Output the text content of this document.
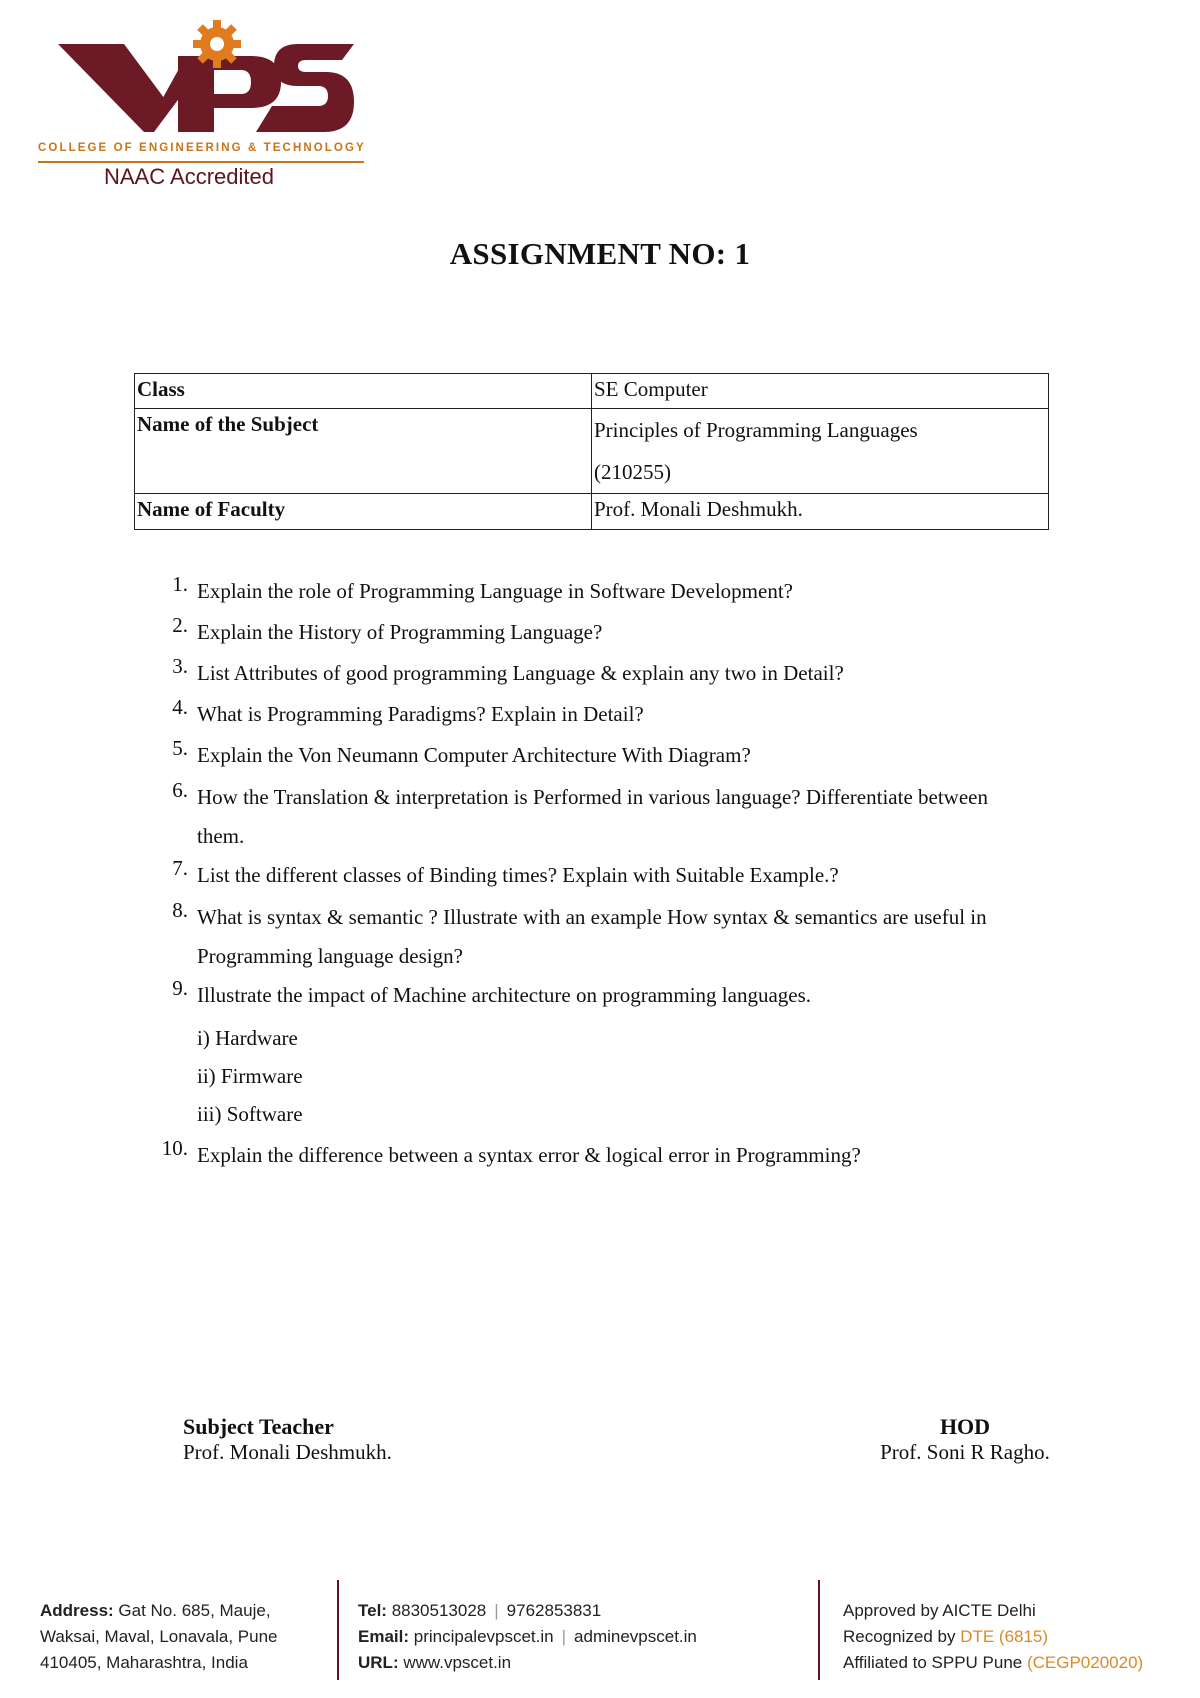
COLLEGE OF ENGINEERING & TECHNOLOGY
NAAC Accredited
ASSIGNMENT NO: 1
Class	SE Computer
Name of the Subject	Principles of Programming Languages
(210255)

Name of Faculty	Prof. Monali Deshmukh.
1. Explain the role of Programming Language in Software Development?
2. Explain the History of Programming Language?
3. List Attributes of good programming Language & explain any two in Detail?
4. What is Programming Paradigms? Explain in Detail?
5. Explain the Von Neumann Computer Architecture With Diagram?
6. How the Translation & interpretation is Performed in various language? Differentiate between
them.
7. List the different classes of Binding times? Explain with Suitable Example.?
8. What is syntax & semantic ? Illustrate with an example How syntax & semantics are useful in
Programming language design?
9. Illustrate the impact of Machine architecture on programming languages.
i) Hardware
ii) Firmware
iii) Software
10. Explain the difference between a syntax error & logical error in Programming?
Subject Teacher
Prof. Monali Deshmukh.
HOD
Prof. Soni R Ragho.
Address: Gat No. 685, Mauje,
Waksai, Maval, Lonavala, Pune
410405, Maharashtra, India
Tel: 8830513028 | 9762853831
Email: principalevpscet.in | adminevpscet.in
URL: www.vpscet.in
Approved by AICTE Delhi
Recognized by DTE (6815)
Affiliated to SPPU Pune (CEGP020020)
